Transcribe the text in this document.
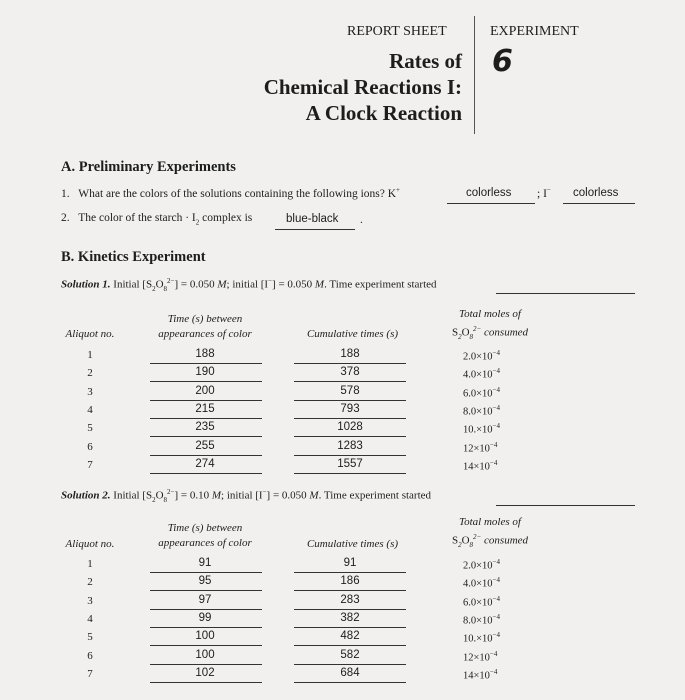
REPORT SHEET	EXPERIMENT
6
Rates of
Chemical Reactions I:
A Clock Reaction
A. Preliminary Experiments
1. What are the colors of the solutions containing the following ions? K+	colorless ; I− colorless
2. The color of the starch · $I_2$ complex is	blue-black .
B. Kinetics Experiment
Solution 1. Initial $[S_2O_8^{2-}] = 0.050$ M; initial [I−] = 0.050 M. Time experiment started
Aliquot no.
Time (s) between
appearances of color	Cumulative times (s)
Total moles of
$S_2O_8^{2-}$ consumed
1	188	188	$2.0\times 10^{-4}$
2	190	378	$4.0\times 10^{-4}$
3	200	578	$6.0\times 10^{-4}$
4	215	793	$8.0\times 10^{-4}$
5	235	1028	$10.\times 10^{-4}$
6	255	1283	$12\times 10^{-4}$
7	274	1557	$14\times 10^{-4}$
Solution 2. Initial $[S_2O_8^{2-}] = 0.10$ M; initial [I−] = 0.050 M. Time experiment started
Aliquot no.
Time (s) between
appearances of color	Cumulative times (s)
Total moles of
$S_2O_8^{2-}$ consumed
1	91	91	$2.0\times 10^{-4}$
2	95	186	$4.0\times 10^{-4}$
3	97	283	$6.0\times 10^{-4}$
4	99	382	$8.0\times 10^{-4}$
5	100	482	$10.\times 10^{-4}$
6	100	582	$12\times 10^{-4}$
7	102	684	$14\times 10^{-4}$
